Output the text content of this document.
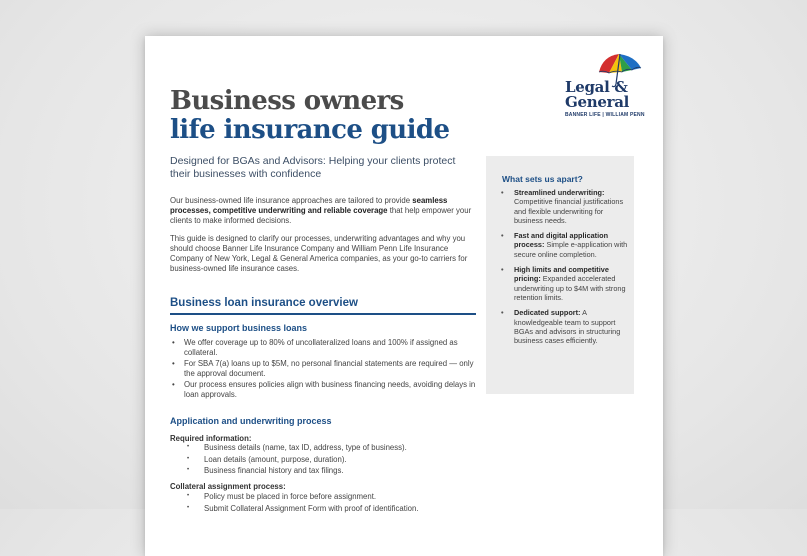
Business owners
life insurance guide
Legal &
General
BANNER LIFE | WILLIAM PENN

Designed for BGAs and Advisors: Helping your clients protect their businesses with confidence

Our business-owned life insurance approaches are tailored to provide seamless processes, competitive underwriting and reliable coverage that help empower your clients to make informed decisions.

This guide is designed to clarify our processes, underwriting advantages and why you should choose Banner Life Insurance Company and William Penn Life Insurance Company of New York, Legal & General America companies, as your go-to carriers for business-owned life insurance cases.

What sets us apart?
• Streamlined underwriting: Competitive financial justifications and flexible underwriting for business needs.
• Fast and digital application process: Simple e-application with secure online completion.
• High limits and competitive pricing: Expanded accelerated underwriting up to $4M with strong retention limits.
• Dedicated support: A knowledgeable team to support BGAs and advisors in structuring business cases efficiently.
Business loan insurance overview
How we support business loans
• We offer coverage up to 80% of uncollateralized loans and 100% if assigned as collateral.
• For SBA 7(a) loans up to $5M, no personal financial statements are required — only the approval document.
• Our process ensures policies align with business financing needs, avoiding delays in loan approvals.
Application and underwriting process

Required information:

• Business details (name, tax ID, address, type of business).
• Loan details (amount, purpose, duration).
• Business financial history and tax filings.

Collateral assignment process:

• Policy must be placed in force before assignment.
• Submit Collateral Assignment Form with proof of identification.
